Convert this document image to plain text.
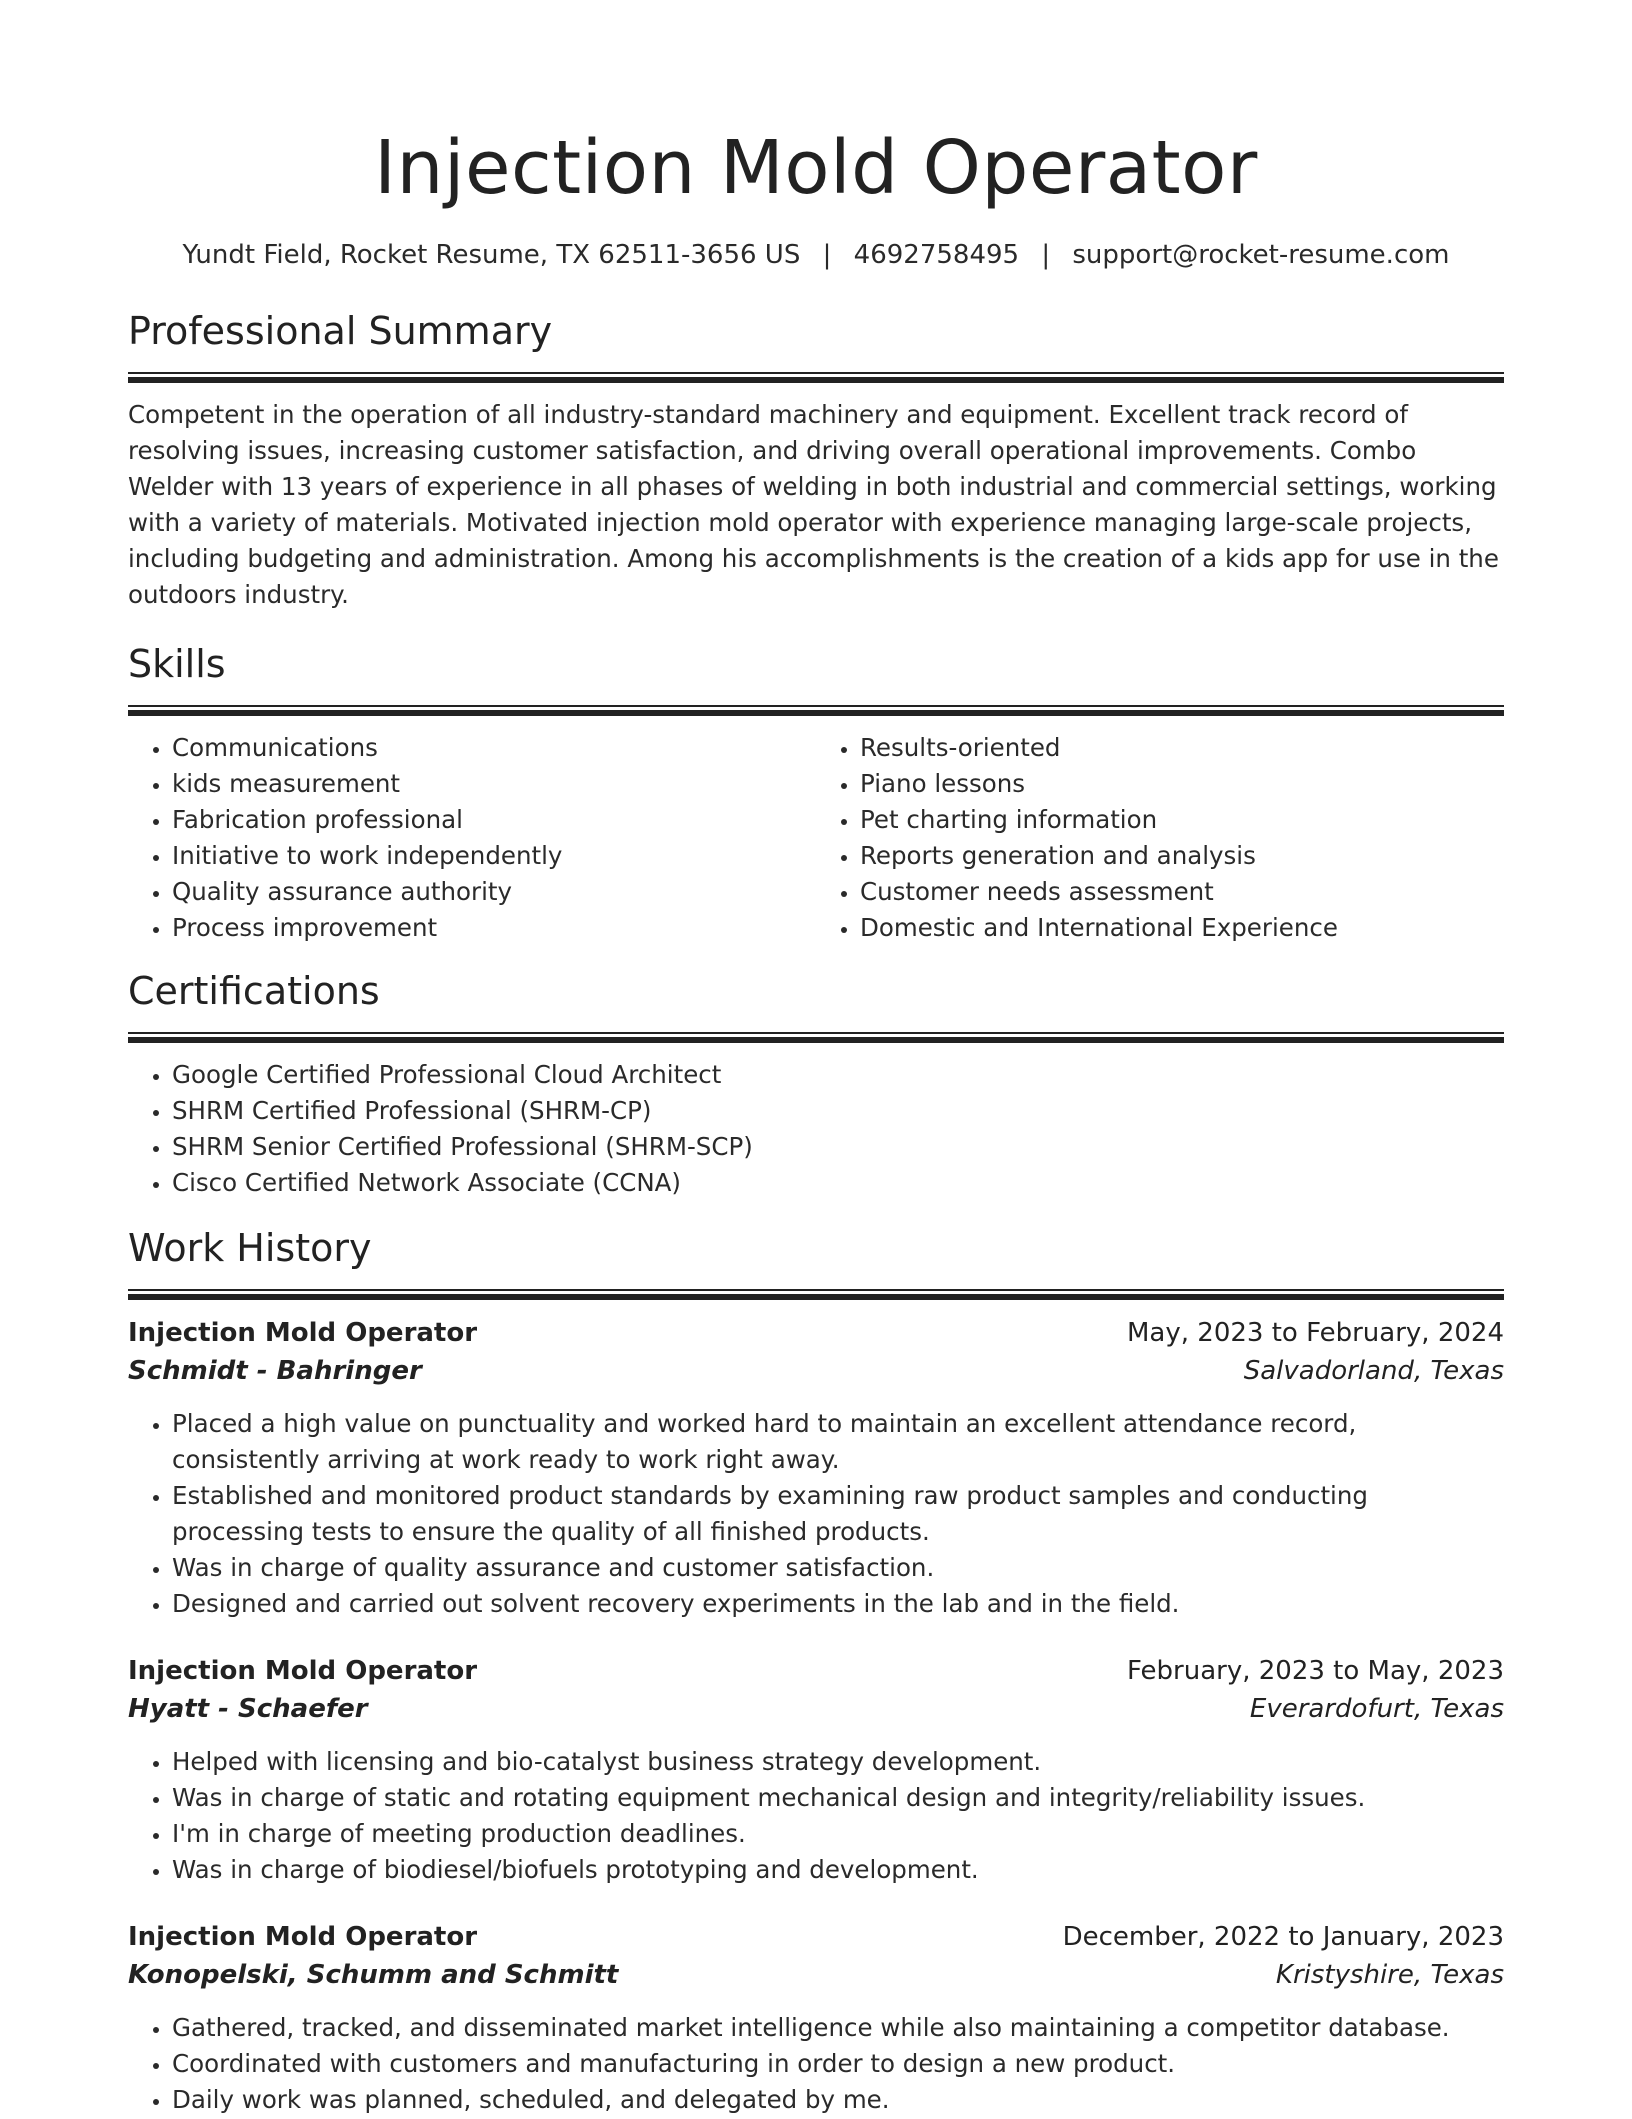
Injection Mold Operator
Yundt Field, Rocket Resume, TX 62511-3656 US | 4692758495 | support@rocket-resume.com
Professional Summary

Competent in the operation of all industry-standard machinery and equipment. Excellent track record of resolving issues, increasing customer satisfaction, and driving overall operational improvements. Combo Welder with 13 years of experience in all phases of welding in both industrial and commercial settings, working with a variety of materials. Motivated injection mold operator with experience managing large-scale projects, including budgeting and administration. Among his accomplishments is the creation of a kids app for use in the outdoors industry.

Skills
• Communications
• kids measurement
• Fabrication professional
• Initiative to work independently
• Quality assurance authority
• Process improvement
• Results-oriented
• Piano lessons
• Pet charting information
• Reports generation and analysis
• Customer needs assessment
• Domestic and International Experience
Certifications
• Google Certified Professional Cloud Architect
• SHRM Certified Professional (SHRM-CP)
• SHRM Senior Certified Professional (SHRM-SCP)
• Cisco Certified Network Associate (CCNA)
Work History
Injection Mold Operator	May, 2023 to February, 2024
Schmidt - Bahringer	Salvadorland, Texas
• Placed a high value on punctuality and worked hard to maintain an excellent attendance record, consistently arriving at work ready to work right away.
• Established and monitored product standards by examining raw product samples and conducting processing tests to ensure the quality of all finished products.
• Was in charge of quality assurance and customer satisfaction.
• Designed and carried out solvent recovery experiments in the lab and in the field.
Injection Mold Operator	February, 2023 to May, 2023
Hyatt - Schaefer	Everardofurt, Texas
• Helped with licensing and bio-catalyst business strategy development.
• Was in charge of static and rotating equipment mechanical design and integrity/reliability issues.
• I'm in charge of meeting production deadlines.
• Was in charge of biodiesel/biofuels prototyping and development.
Injection Mold Operator	December, 2022 to January, 2023
Konopelski, Schumm and Schmitt	Kristyshire, Texas
• Gathered, tracked, and disseminated market intelligence while also maintaining a competitor database.
• Coordinated with customers and manufacturing in order to design a new product.
• Daily work was planned, scheduled, and delegated by me.
